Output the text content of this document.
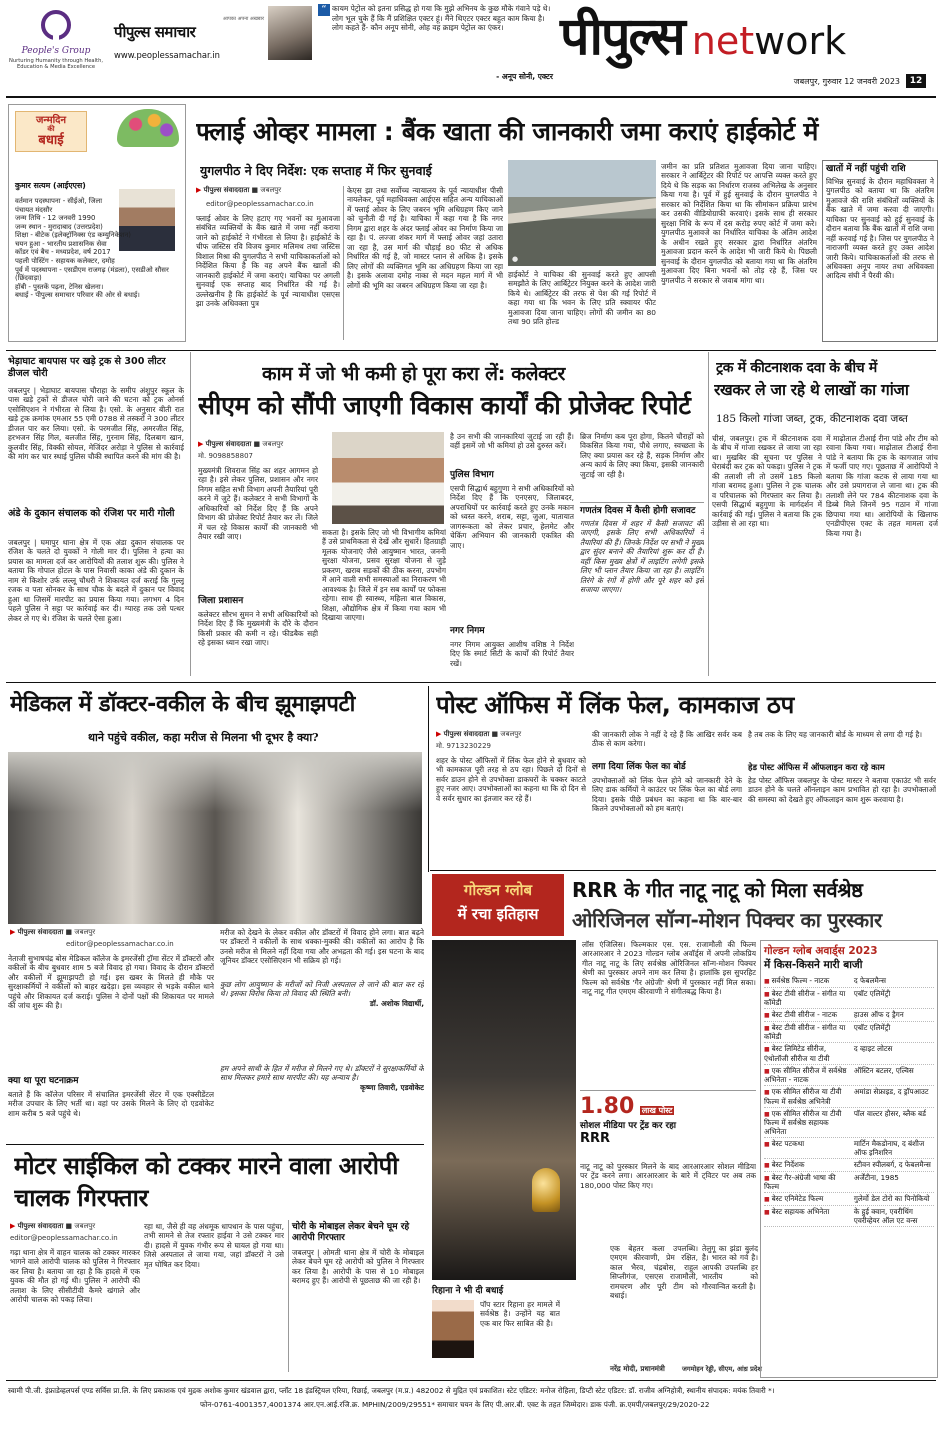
People's Group
Nurturing Humanity through Health, Education & Media Excellence
आपका अपना अखबार
पीपुल्स समाचार
www.peoplessamachar.in
“ कायम पेट्रोल को इतना प्रसिद्ध हो गया कि मुझे अभिनय के कुछ मौके गंवाने पड़े थे। लोग भूल चुके हैं कि मैं प्रशिक्षित एक्टर हूं। मैंने थिएटर एक्टर बहुत काम किया है। लोग कहते हैं- कौन अनूप सोनी, ओह वह क्राइम पेट्रोल का एंकर।
- अनूप सोनी, एक्टर
पीपुल्स network
जबलपुर, गुरुवार 12 जनवरी 2023	12
जन्मदिन
की
बधाई
कुमार सत्यम (आईएएस)
वर्तमान पदस्थापना - सीईओ, जिला पंचायत मंदसौर
जन्म तिथि - 12 जनवरी 1990
जन्म स्थान - मुरादाबाद (उत्तरप्रदेश)
शिक्षा - बीटेक (इलेक्ट्रॉनिक्स एंड कम्युनिकेशन)
चयन हुआ - भारतीय प्रशासनिक सेवा
कॉडर एवं बैच - मध्यप्रदेश, वर्ष 2017
पहली पोस्टिंग - सहायक कलेक्टर, दमोह
पूर्व में पदस्थापना - एसडीएम राजगढ़ (मंडला), एसडीओ सौसर (छिंदवाड़ा)
हॉबी - पुस्तकें पढ़ना, टेनिस खेलना।
बधाई - पीपुल्स समाचार परिवार की ओर से बधाई।
फ्लाई ओव्हर मामला : बैंक खाता की जानकारी जमा कराएं हाईकोर्ट में
युगलपीठ ने दिए निर्देश: एक सप्ताह में फिर सुनवाई
▶ पीपुल्स संवाददाता ■ जबलपुर
editor@peoplessamachar.co.in
फ्लाई ओवर के लिए हटाए गए भवनों का मुआवजा संबंधित व्यक्तियों के बैंक खाते में जमा नहीं कराया जाने को हाईकोर्ट ने गंभीरता से लिया है। हाईकोर्ट के चीफ जस्टिस रवि विजय कुमार मलिमथ तथा जस्टिस विशाल मिश्रा की युगलपीठ ने सभी याचिकाकर्ताओं को निर्देशित किया है कि वह अपने बैंक खातों की जानकारी हाईकोर्ट में जमा कराएं। याचिका पर अगली सुनवाई एक सप्ताह बाद निर्धारित की गई है। उल्लेखनीय है कि हाईकोर्ट के पूर्व न्यायाधीश एसएस झा उनके अधिवक्ता पुत्र
केएस झा तथा सर्वोच्च न्यायालय के पूर्व न्यायाधीश पीसी नायलेकर, पूर्व महाधिवक्ता आईएस सहित अन्य याचिकाओं में फ्लाई ओवर के लिए जबरन भूमि अधिग्रहण किए जाने को चुनौती दी गई है। याचिका में कहा गया है कि नगर निगम द्वारा शहर के अंदर फ्लाई ओवर का निर्माण किया जा रहा है। पं. लज्जा शंकर मार्ग में फ्लाई ओवर जहां उतारा जा रहा है, उस मार्ग की चौड़ाई 80 फीट से अधिक निर्धारित की गई है, जो मास्टर प्लान से अधिक है। इसके लिए लोगों की व्यक्तिगत भूमि का अधिग्रहण किया जा रहा है। इसके अलावा दमोह नाका से मदन महल मार्ग में भी लोगों की भूमि का जबरन अधिग्रहण किया जा रहा है।
●
हाईकोर्ट ने याचिका की सुनवाई करते हुए आपसी समझौते के लिए आर्बिट्रेटर नियुक्त करने के आदेश जारी किये थे। आर्बिट्रेटर की तरफ से पेश की गई रिपोर्ट में कहा गया था कि भवन के लिए प्रति स्क्वायर फीट मुआवजा दिया जाना चाहिए। लोगों की जमीन का 80 तथा 90 प्रति होल्ड
जमीन का प्रति प्रतिशत मुआवजा दिया जाना चाहिए। सरकार ने आर्बिट्रेटर की रिपोर्ट पर आपत्ति व्यक्त करते हुए दिये थे कि सड़क का निर्धारण राजस्व अभिलेख के अनुसार किया गया है। पूर्व में हुई सुनवाई के दौरान युगलपीठ ने सरकार को निर्देशित किया था कि सीमांकन प्रक्रिया प्रारंभ कर उसकी वीडियोग्राफी करवाएं। इसके साथ ही सरकार सुरक्षा निधि के रूप में दस करोड़ रुपए कोर्ट में जमा करे। युगलपीठ मुआवजे का निर्धारित याचिका के अंतिम आदेश के अधीन रखते हुए सरकार द्वारा निर्धारित अंतरिम मुआवजा प्रदान करने के आदेश भी जारी किये थे। पिछली सुनवाई के दौरान युगलपीठ को बताया गया था कि अंतरिम मुआवजा दिए बिना भवनों को तोड़ रहे हैं, जिस पर युगलपीठ ने सरकार से जवाब मांगा था।
खातों में नहीं पहुंची राशि
विभिन्न सुनवाई के दौरान महाधिवक्ता ने युगलपीठ को बताया था कि अंतरिम मुआवजे की राशि संबंधितों व्यक्तियों के बैंक खाते में जमा करवा दी जाएगी। याचिका पर सुनवाई को हुई सुनवाई के दौरान बताया कि बैंक खातों में राशि जमा नहीं करवाई गई है। जिस पर युगलपीठ ने नाराजगी व्यक्त करते हुए उक्त आदेश जारी किये। याचिकाकर्ताओं की तरफ से अधिवक्ता अनूप नायर तथा अधिवक्ता आदित्य संघी ने पैरवी की।
भेड़ाघाट बायपास पर खड़े ट्रक से 300 लीटर डीजल चोरी
जबलपुर | भेड़ाघाट बायपास चौराहा के समीप अंशुपुर स्कूल के पास खड़े ट्रकों से डीजल चोरी जाने की घटना को ट्रक ओनर्स एसोसिएशन ने गंभीरता से लिया है। एसो. के अनुसार बीती रात खड़े ट्रक क्रमांक एमआर 55 एमी 0788 से तस्करों ने 300 लीटर डीजल पार कर लिया। एसो. के परमजीत सिंह, अमरजीत सिंह, हरभजन सिंह गिल, बलजीत सिंह, गुरनाम सिंह, दिलबाग खान, कुलवीर सिंह, विक्की सोयल, मेजिंदर अरोड़ा ने पुलिस से कार्रवाई की मांग कर चार स्थाई पुलिस चौकी स्थापित करने की मांग की है।
अंडे के दुकान संचालक को रंजिश पर मारी गोली
जबलपुर | घमापुर थाना क्षेत्र में एक अंडा दुकान संचालक पर रंजिश के चलते दो युवकों ने गोली मार दी। पुलिस ने हत्या का प्रयास का मामला दर्ज कर आरोपियों की तलाश शुरू की। पुलिस ने बताया कि गोपाल होटल के पास निवासी काका अंडे की दुकान के नाम से किशोर उर्फ लल्लू चौधरी ने शिकायत दर्ज कराई कि गुल्लू रजक व पता सोनकर के साथ चौक के बदले में दुकान पर विवाद हुआ था जिसमें मारपीट का प्रयास किया गया। लगभग 4 दिन पहले पुलिस ने सट्टा पर कार्रवाई कर दी। ग्यारह तक उसे पत्थर लेकर ले गए थे। रंजिश के चलते ऐसा हुआ।
काम में जो भी कमी हो पूरा करा लें: कलेक्टर
सीएम को सौंपी जाएगी विकास कार्यों की प्रोजेक्ट रिपोर्ट
▶ पीपुल्स संवाददाता ■ जबलपुर
मो. 9098858807
मुख्यमंत्री शिवराज सिंह का शहर आगमन हो रहा है। इसे लेकर पुलिस, प्रशासन और नगर निगम सहित सभी विभाग अपनी तैयारियां पूरी करने में जुटे हैं। कलेक्टर ने सभी विभागों के अधिकारियों को निर्देश दिए हैं कि अपने विभाग की प्रोजेक्ट रिपोर्ट तैयार कर लें। जिले में चल रहे विकास कार्यों की जानकारी भी तैयार रखी जाए।
जिला प्रशासन
कलेक्टर सौरभ सुमन ने सभी अधिकारियों को निर्देश दिए हैं कि मुख्यमंत्री के दौरे के दौरान किसी प्रकार की कमी न रहे। फीडबैक सही रहे इसका ध्यान रखा जाए।
सकता है। इसके लिए जो भी विभागीय कमियां हैं उसे प्राथमिकता से देखें और सुधारें। हितग्राही मूलक योजनाएं जैसे आयुष्मान भारत, जननी सुरक्षा योजना, प्रसव सुरक्षा योजना से जुड़े प्रकरण, खराब सड़कों की ठीक करना, उपभोग में आने वाली सभी समस्याओं का निराकरण भी आवश्यक है। जिले में इन सब कार्यों पर फोकस रहेगा। साथ ही स्वास्थ्य, महिला बाल विकास, शिक्षा, औद्योगिक क्षेत्र में किया गया काम भी दिखाया जाएगा।
है उन सभी की जानकारियां जुटाई जा रही हैं। वहीं इसमें जो भी कमियां हो उसे दुरुस्त करें।
पुलिस विभाग
एसपी सिद्धार्थ बहुगुणा ने सभी अधिकारियों को निर्देश दिए हैं कि एनएसए, जिलाबदर, अपराधियों पर कार्रवाई करते हुए उनके मकान को ध्वस्त करने, शराब, सट्टा, जुआ, यातायात जागरूकता को लेकर प्रचार, हेलमेट और चेकिंग अभियान की जानकारी एकत्रित की जाए।
नगर निगम
नगर निगम आयुक्त आशीष वशिष्ठ ने निर्देश दिए कि स्मार्ट सिटी के कार्यों की रिपोर्ट तैयार रखें।
ब्रिज निर्माण कब पूरा होगा, कितने चौराहों को विकसित किया गया, पौधे लगाए, स्वच्छता के लिए क्या प्रयास कर रहे हैं, सड़क निर्माण और अन्य कार्य के लिए क्या किया, इसकी जानकारी जुटाई जा रही है।
गणतंत्र दिवस में कैसी होगी सजावट
गणतंत्र दिवस में शहर में कैसी सजावट की जाएगी, इसके लिए सभी अधिकारियों ने तैयारियां की हैं। जिनके निर्देश पर सभी ने मुख्य द्वार सुंदर बनाने की तैयारियां शुरू कर दी है। वहीं किस मुख्य क्षेत्रों में लाइटिंग लगेगी इसके लिए भी प्लान तैयार किया जा रहा है। लाइटिंग तिरंगे के रंगों में होगी और पूरे शहर को इसे सजाया जाएगा।
ट्रक में कीटनाशक दवा के बीच में
रखकर ले जा रहे थे लाखों का गांजा
185 किलो गांजा जब्त, ट्रक, कीटनाशक दवा जब्त
चीसं, जबलपुर। ट्रक में कीटनाशक दवा के बीच में गांजा रखकर ले जाया जा रहा था। मुखबिर की सूचना पर पुलिस ने घेराबंदी कर ट्रक को पकड़ा। पुलिस ने ट्रक की तलाशी ली तो उसमें 185 किलो गांजा बरामद हुआ। पुलिस ने ट्रक चालक व परिचालक को गिरफ्तार कर लिया है। एसपी सिद्धार्थ बहुगुणा के मार्गदर्शन में कार्रवाई की गई। पुलिस ने बताया कि ट्रक उड़ीसा से आ रहा था।
में माढ़ोताल टीआई रीना पांडे और टीम को रवाना किया गया। माढ़ोताल टीआई रीना पांडे ने बताया कि ट्रक के कागजात जांच में फर्जी पाए गए। पूछताछ में आरोपियों ने बताया कि गांजा कटक से लाया गया था और उसे प्रयागराज ले जाना था। ट्रक की तलाशी लेने पर 784 कीटनाशक दवा के डिब्बे मिले जिनमें 95 गठान में गांजा छिपाया गया था। आरोपियों के खिलाफ एनडीपीएस एक्ट के तहत मामला दर्ज किया गया है।
मेडिकल में डॉक्टर-वकील के बीच झूमाझपटी
थाने पहुंचे वकील, कहा मरीज से मिलना भी दूभर है क्या?
▶ पीपुल्स संवाददाता ■ जबलपुर
editor@peoplessamachar.co.in
नेताजी सुभाषचंद्र बोस मेडिकल कॉलेज के इमरजेंसी ट्रॉमा सेंटर में डॉक्टरों और वकीलों के बीच बुधवार शाम 5 बजे विवाद हो गया। विवाद के दौरान डॉक्टरों और वकीलों में झूमाझपटी हो गई। इस खबर के मिलते ही मौके पर सुरक्षाकर्मियों ने वकीलों को बाहर खदेड़ा। इस व्यवहार से भड़के वकील थाने पहुंचे और शिकायत दर्ज कराई। पुलिस ने दोनों पक्षों की शिकायत पर मामले की जांच शुरू की है।
क्या था पूरा घटनाक्रम
बताते हैं कि कॉलेज परिसर में संचालित इमरजेंसी सेंटर में एक एक्सीडेंटल मरीज उपचार के लिए भर्ती था। वहां पर उसके मिलने के लिए दो एडवोकेट शाम करीब 5 बजे पहुंचे थे।
मरीज को देखने के लेकर वकील और डॉक्टरों में विवाद होने लगा। बात बढ़ने पर डॉक्टरों ने वकीलों के साथ धक्का-मुक्की की। वकीलों का आरोप है कि उनसे मरीज से मिलने नहीं दिया गया और अभद्रता की गई। इस घटना के बाद जूनियर डॉक्टर एसोसिएशन भी सक्रिय हो गई।
कुछ लोग आयुष्मान के मरीजों को निजी अस्पताल ले जाने की बात कर रहे थे। इसका विरोध किया तो विवाद की स्थिति बनी।
डॉ. अशोक विद्यार्थी,
हम अपने साथी के हित में मरीज से मिलने गए थे। डॉक्टरों ने सुरक्षाकर्मियों के साथ मिलकर हमारे साथ मारपीट की। यह अन्याय है।
कृष्णा तिवारी, एडवोकेट
मोटर साईकिल को टक्कर मारने वाला आरोपी चालक गिरफ्तार
▶ पीपुल्स संवाददाता ■ जबलपुर
editor@peoplessamachar.co.in
गढ़ा थाना क्षेत्र में वाहन चालक को टक्कर मारकर भागने वाले आरोपी चालक को पुलिस ने गिरफ्तार कर लिया है। बताया जा रहा है कि हादसे में एक युवक की मौत हो गई थी। पुलिस ने आरोपी की तलाश के लिए सीसीटीवी कैमरे खंगाले और आरोपी चालक को पकड़ लिया।
रहा था, जैसे ही वह अंधमूक धापधान के पास पहुंचा, तभी सामने से तेज रफ्तार हाईवा ने उसे टक्कर मार दी। हादसे में युवक गंभीर रूप से घायल हो गया था। जिसे अस्पताल ले जाया गया, जहां डॉक्टरों ने उसे मृत घोषित कर दिया।
चोरी के मोबाइल लेकर बेचने घूम रहे आरोपी गिरफ्तार
जबलपुर | ओमती थाना क्षेत्र में चोरी के मोबाइल लेकर बेचने घूम रहे आरोपी को पुलिस ने गिरफ्तार कर लिया है। आरोपी के पास से 10 मोबाइल बरामद हुए हैं। आरोपी से पूछताछ की जा रही है।
पोस्ट ऑफिस में लिंक फेल, कामकाज ठप
▶ पीपुल्स संवाददाता ■ जबलपुर
मो. 9713230229
शहर के पोस्ट ऑफिसों में लिंक फेल होने से बुधवार को भी कामकाज पूरी तरह से ठप रहा। पिछले दो दिनों से सर्वर डाउन होने से उपभोक्ता डाकघरों के चक्कर काटते हुए नजर आए। उपभोक्ताओं का कहना था कि दो दिन से वे सर्वर सुधार का इंतजार कर रहे हैं।
की जानकारी लोक ने नहीं दे रहे हैं कि आखिर सर्वर कब ठीक से काम करेगा।
लगा दिया लिंक फेल का बोर्ड
उपभोक्ताओं को लिंक फेल होने को जानकारी देने के लिए डाक कर्मियों ने काउंटर पर लिंक फेल का बोर्ड लगा दिया। इसके पीछे प्रबंधन का कहना था कि बार-बार कितने उपभोक्ताओं को हम बताएं।
है तब तक के लिए यह जानकारी बोर्ड के माध्यम से लगा दी गई है।
हेड पोस्ट ऑफिस में ऑफलाइन करा रहे काम
हेड पोस्ट ऑफिस जबलपुर के पोस्ट मास्टर ने बताया एकाउंट भी सर्वर डाउन होने के चलते ऑनलाइन काम प्रभावित हो रहा है। उपभोक्ताओं की समस्या को देखते हुए ऑफलाइन काम शुरू करवाया है।
गोल्डन ग्लोब
में रचा इतिहास
RRR के गीत नाटू नाटू को मिला सर्वश्रेष्ठ
ओरिजिनल सॉन्ग-मोशन पिक्चर का पुरस्कार
लॉस एंजिलिस। फिल्मकार एस. एस. राजामौली की फिल्म आरआरआर ने 2023 गोल्डन ग्लोब अवॉर्ड्स में अपनी लोकप्रिय गीत नाटू नाटू के लिए सर्वश्रेष्ठ ओरिजिनल सॉन्ग-मोशन पिक्चर श्रेणी का पुरस्कार अपने नाम कर लिया है। हालांकि इस सुपरहिट फिल्म को सर्वश्रेष्ठ 'गैर अंग्रेजी' श्रेणी में पुरस्कार नहीं मिल सका। नाटू नाटू गीत एमएम कीरवाणी ने संगीतबद्ध किया है।
1.80 लाख पोस्ट
सोशल मीडिया पर ट्रेंड कर रहा
RRR
नाटू नाटू को पुरस्कार मिलने के बाद आरआरआर सोशल मीडिया पर ट्रेंड करने लगा। आरआरआर के बारे में ट्विटर पर अब तक 180,000 पोस्ट किए गए।
रिहाना ने भी दी बधाई
पॉप स्टार रिहाना हर मामले में सर्वश्रेष्ठ है। उन्होंने यह बात एक बार फिर साबित की है।
एक बेहतर कला उपलब्धि। एमएम कीरवाणी, प्रेम रक्षित, काल भैरव, चंद्रबोस, राहुल सिप्लीगंज, एसएस राजामौली, रामचरण और पूरी टीम को बधाई।
नरेंद्र मोदी, प्रधानमंत्री
तेलुगू का झंडा बुलंद है। भारत को गर्व है। आपकी उपलब्धि हर भारतीय को गौरवान्वित करती है।
जगमोहन रेड्डी, सीएम, आंध्र प्रदेश
गोल्डन ग्लोब अवार्ड्स 2023
में किस-किसने मारी बाजी
■ सर्वश्रेष्ठ फिल्म - नाटक	द फेबलमैन्स
■ बेस्ट टीवी सीरीज - संगीत या कॉमेडी
एबॉट एलिमेंट्री
■ बेस्ट टीवी सीरीज - नाटक	हाउस ऑफ द ड्रैगन
■ बेस्ट टीवी सीरीज - संगीत या कॉमेडी
एबॉट एलिमेंट्री
■ बेस्ट लिमिटेड सीरीज, एंथोलॉजी सीरीज या टीवी
द व्हाइट लोटस
■ एक सीमित सीरीज में सर्वश्रेष्ठ अभिनेता - नाटक
ऑस्टिन बटलर, एल्विस
■ एक सीमित सीरीज या टीवी फिल्म में सर्वश्रेष्ठ अभिनेत्री
अमांडा सेफ्राइड, द ड्रॉपआउट
■ एक सीमित सीरीज या टीवी फिल्म में सर्वश्रेष्ठ सहायक अभिनेता
पॉल वाल्टर हौसर, ब्लैक बर्ड
■ बेस्ट पटकथा	मार्टिन मैकडोनाघ, द बंशीज ऑफ इनिशरिन
■ बेस्ट निर्देशक	स्टीवन स्पीलबर्ग, द फेबलमैन्स
■ बेस्ट गैर-अंग्रेजी भाषा की फिल्म
अर्जेंटीना, 1985
■ बेस्ट एनिमेटेड फिल्म	गुलेर्मो डेल टोरो का पिनोकियो
■ बेस्ट सहायक अभिनेता	के हुई क्वान, एवरीथिंग एवरीव्हेयर ऑल एट वन्स
स्वामी पी.जी. इंफ्राडेव्हलपर्स एण्ड सर्विस प्रा.लि. के लिए प्रकाशक एवं मुद्रक अशोक कुमार खंडवाल द्वारा, प्लॉट 18 इंडस्ट्रियल एरिया, रिछाई, जबलपुर (म.प्र.) 482002 से मुद्रित एवं प्रकाशित। स्टेट एडिटर: मनोज रोहिला, डिप्टी स्टेट एडिटर: डॉ. राजीव अग्निहोत्री, स्थानीय संपादक: मयंक तिवारी *।
फोन-0761-4001357,4001374 आर.एन.आई.रजि.क्र. MPHIN/2009/29551* समाचार चयन के लिए पी.आर.बी. एक्ट के तहत जिम्मेदार। डाक पंजी. क्र.एमपी/जबलपुर/29/2020-22
